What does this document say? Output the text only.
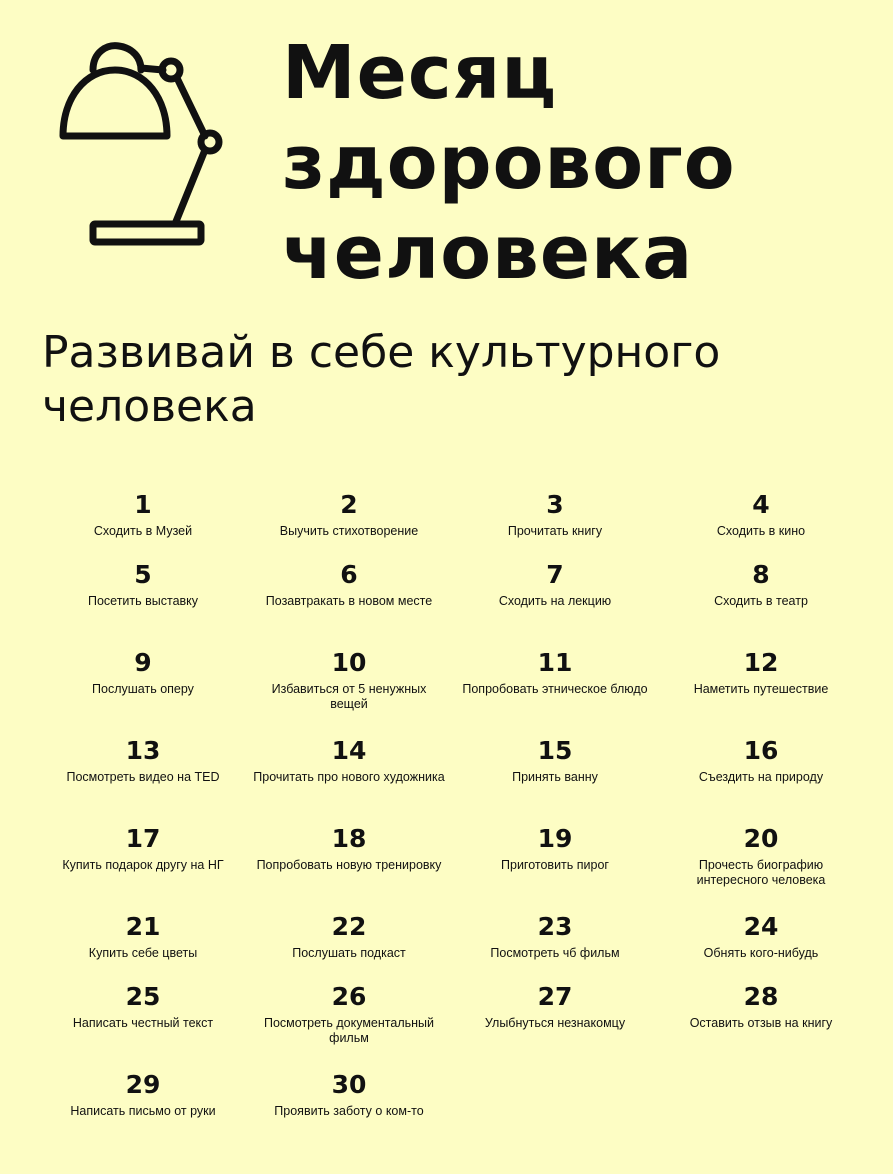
Месяц
здорового
человека
Развивай в себе культурного человека
1
Сходить в Музей
2
Выучить стихотворение
3
Прочитать книгу
4
Сходить в кино
5
Посетить выставку
6
Позавтракать в новом месте
7
Сходить на лекцию
8
Сходить в театр
9
Послушать оперу
10
Избавиться от 5 ненужных вещей
11
Попробовать этническое блюдо
12
Наметить путешествие
13
Посмотреть видео на TED
14
Прочитать про нового художника
15
Принять ванну
16
Съездить на природу
17
Купить подарок другу на НГ
18
Попробовать новую тренировку
19
Приготовить пирог
20
Прочесть биографию интересного человека
21
Купить себе цветы
22
Послушать подкаст
23
Посмотреть чб фильм
24
Обнять кого-нибудь
25
Написать честный текст
26
Посмотреть документальный фильм
27
Улыбнуться незнакомцу
28
Оставить отзыв на книгу
29
Написать письмо от руки
30
Проявить заботу о ком-то
